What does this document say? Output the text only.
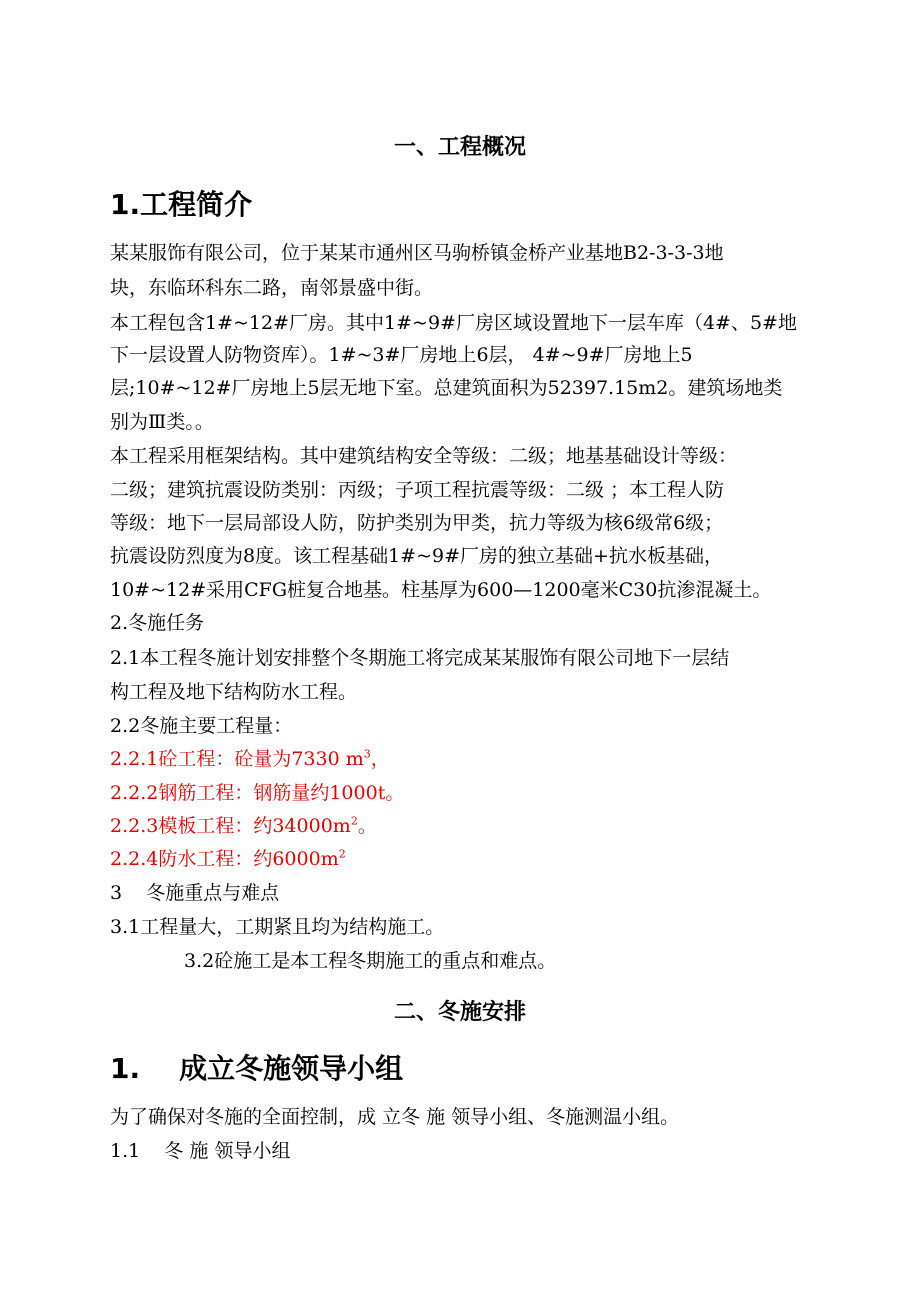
一、工程概况
1.工程简介
某某服饰有限公司，位于某某市通州区马驹桥镇金桥产业基地B2-3-3-3地
块，东临环科东二路，南邻景盛中街。
本工程包含1#~12#厂房。其中1#~9#厂房区域设置地下一层车库（4#、5#地
下一层设置人防物资库）。1#~3#厂房地上6层， 4#~9#厂房地上5
层;10#~12#厂房地上5层无地下室。总建筑面积为52397.15m2。建筑场地类
别为Ⅲ类。。
本工程采用框架结构。其中建筑结构安全等级：二级；地基基础设计等级：
二级；建筑抗震设防类别：丙级；子项工程抗震等级：二级 ；本工程人防
等级：地下一层局部设人防，防护类别为甲类，抗力等级为核6级常6级；
抗震设防烈度为8度。该工程基础1#~9#厂房的独立基础+抗水板基础，
10#~12#采用CFG桩复合地基。柱基厚为600—1200毫米C30抗渗混凝土。
2.冬施任务
2.1本工程冬施计划安排整个冬期施工将完成某某服饰有限公司地下一层结
构工程及地下结构防水工程。
2.2冬施主要工程量：
2.2.1砼工程：砼量为7330 $m^3$，
2.2.2钢筋工程：钢筋量约1000t。
2.2.3模板工程：约$34000m^2$。
2.2.4防水工程：约$6000m^2$
3    冬施重点与难点
3.1工程量大，工期紧且均为结构施工。
3.2砼施工是本工程冬期施工的重点和难点。
二、冬施安排
1.    成立冬施领导小组
为了确保对冬施的全面控制，成 立冬 施 领导小组、冬施测温小组。
1.1    冬 施 领导小组
